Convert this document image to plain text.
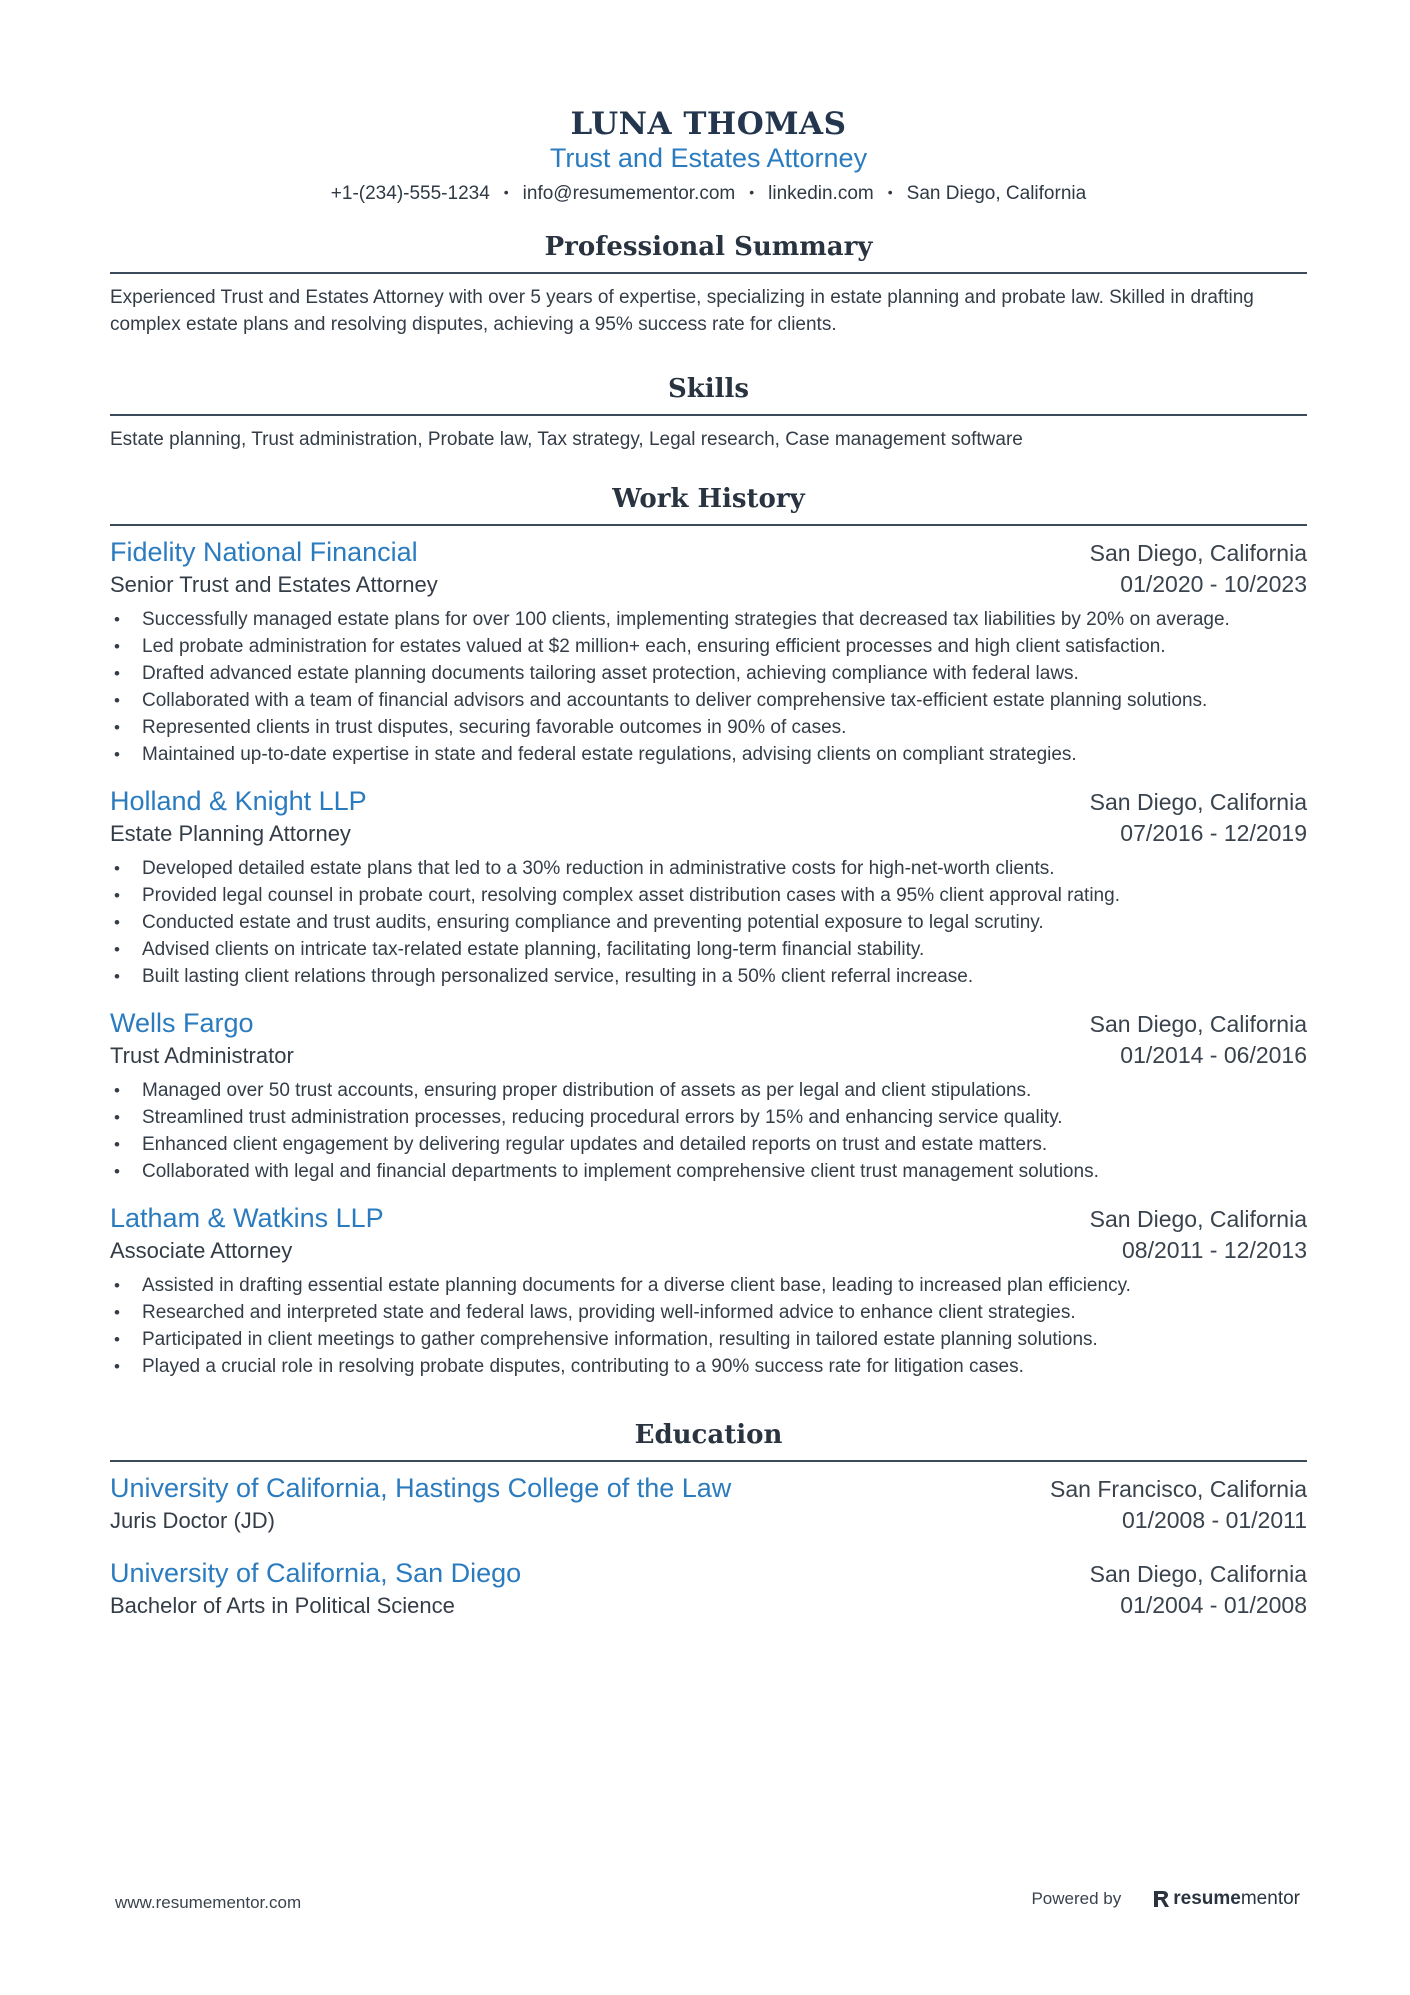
LUNA THOMAS
Trust and Estates Attorney
+1-(234)-555-1234 • info@resumementor.com • linkedin.com • San Diego, California
Professional Summary
Experienced Trust and Estates Attorney with over 5 years of expertise, specializing in estate planning and probate law. Skilled in drafting complex estate plans and resolving disputes, achieving a 95% success rate for clients.
Skills
Estate planning, Trust administration, Probate law, Tax strategy, Legal research, Case management software
Work History
Fidelity National Financial	San Diego, California
Senior Trust and Estates Attorney	01/2020 - 10/2023
• Successfully managed estate plans for over 100 clients, implementing strategies that decreased tax liabilities by 20% on average.
• Led probate administration for estates valued at $2 million+ each, ensuring efficient processes and high client satisfaction.
• Drafted advanced estate planning documents tailoring asset protection, achieving compliance with federal laws.
• Collaborated with a team of financial advisors and accountants to deliver comprehensive tax-efficient estate planning solutions.
• Represented clients in trust disputes, securing favorable outcomes in 90% of cases.
• Maintained up-to-date expertise in state and federal estate regulations, advising clients on compliant strategies.
Holland & Knight LLP	San Diego, California
Estate Planning Attorney	07/2016 - 12/2019
• Developed detailed estate plans that led to a 30% reduction in administrative costs for high-net-worth clients.
• Provided legal counsel in probate court, resolving complex asset distribution cases with a 95% client approval rating.
• Conducted estate and trust audits, ensuring compliance and preventing potential exposure to legal scrutiny.
• Advised clients on intricate tax-related estate planning, facilitating long-term financial stability.
• Built lasting client relations through personalized service, resulting in a 50% client referral increase.
Wells Fargo	San Diego, California
Trust Administrator	01/2014 - 06/2016
• Managed over 50 trust accounts, ensuring proper distribution of assets as per legal and client stipulations.
• Streamlined trust administration processes, reducing procedural errors by 15% and enhancing service quality.
• Enhanced client engagement by delivering regular updates and detailed reports on trust and estate matters.
• Collaborated with legal and financial departments to implement comprehensive client trust management solutions.
Latham & Watkins LLP	San Diego, California
Associate Attorney	08/2011 - 12/2013
• Assisted in drafting essential estate planning documents for a diverse client base, leading to increased plan efficiency.
• Researched and interpreted state and federal laws, providing well-informed advice to enhance client strategies.
• Participated in client meetings to gather comprehensive information, resulting in tailored estate planning solutions.
• Played a crucial role in resolving probate disputes, contributing to a 90% success rate for litigation cases.
Education
University of California, Hastings College of the Law	San Francisco, California
Juris Doctor (JD)	01/2008 - 01/2011
University of California, San Diego	San Diego, California
Bachelor of Arts in Political Science	01/2004 - 01/2008
www.resumementor.com	Powered by	resumementor
